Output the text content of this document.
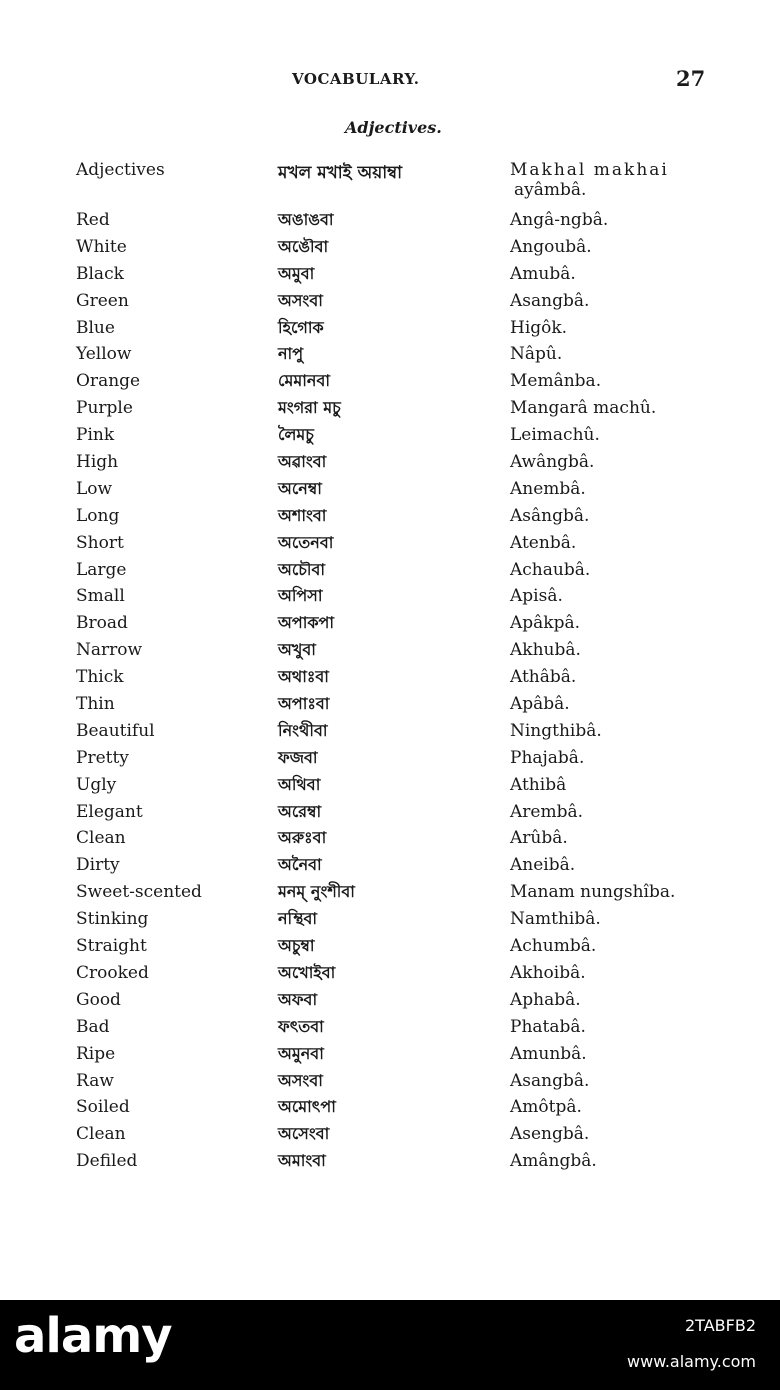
VOCABULARY.	27
Adjectives.
Adjectives	মখল মখাই অয়াম্বা	Makhal makhai
ayâmbâ.
Red	অঙাঙবা	Angâ-ngbâ.
White	অঙৌবা	Angoubâ.
Black	অমুবা	Amubâ.
Green	অসংবা	Asangbâ.
Blue	হিগোক	Higôk.
Yellow	নাপু	Nâpû.
Orange	মেমানবা	Memânba.
Purple	মংগরা মচু	Mangarâ machû.
Pink	লৈমচু	Leimachû.
High	অৱাংবা	Awângbâ.
Low	অনেম্বা	Anembâ.
Long	অশাংবা	Asângbâ.
Short	অতেনবা	Atenbâ.
Large	অচৌবা	Achaubâ.
Small	অপিসা	Apisâ.
Broad	অপাকপা	Apâkpâ.
Narrow	অখুবা	Akhubâ.
Thick	অথাঃবা	Athâbâ.
Thin	অপাঃবা	Apâbâ.
Beautiful	নিংথীবা	Ningthibâ.
Pretty	ফজবা	Phajabâ.
Ugly	অথিবা	Athibâ
Elegant	অরেম্বা	Arembâ.
Clean	অরুঃবা	Arûbâ.
Dirty	অনৈবা	Aneibâ.
Sweet-scented	মনম্ নুংশীবা	Manam nungshîba.
Stinking	নম্থিবা	Namthibâ.
Straight	অচুম্বা	Achumbâ.
Crooked	অখোইবা	Akhoibâ.
Good	অফবা	Aphabâ.
Bad	ফৎতবা	Phatabâ.
Ripe	অমুনবা	Amunbâ.
Raw	অসংবা	Asangbâ.
Soiled	অমোৎপা	Amôtpâ.
Clean	অসেংবা	Asengbâ.
Defiled	অমাংবা	Amângbâ.
alamy	2TABFB2
www.alamy.com
